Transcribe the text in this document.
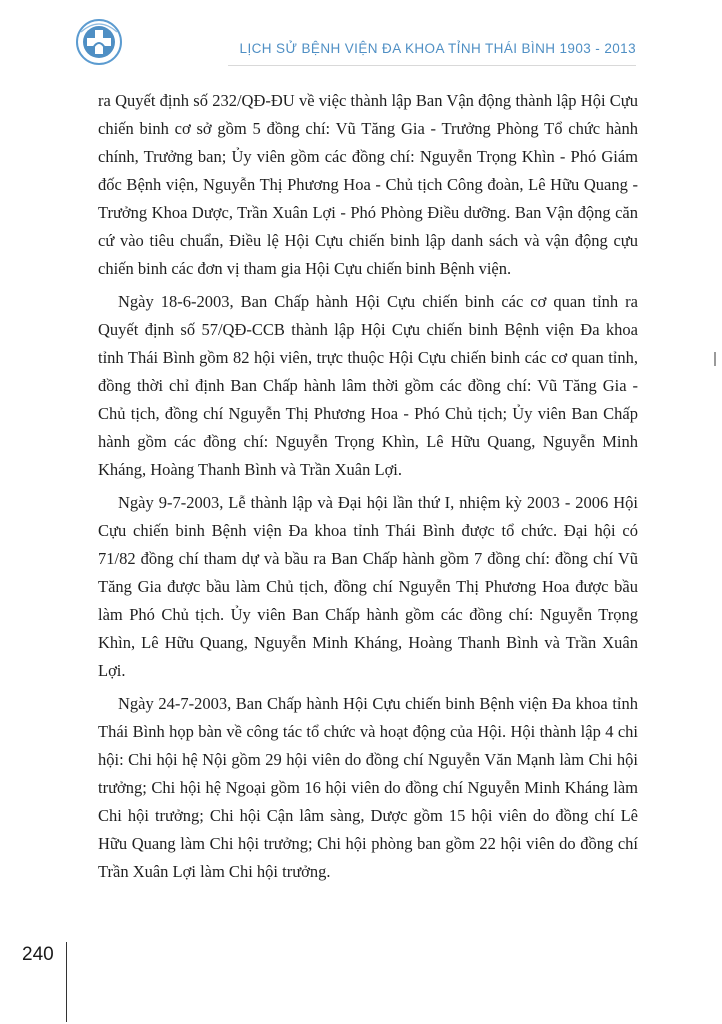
LỊCH SỬ BỆNH VIỆN ĐA KHOA TỈNH THÁI BÌNH 1903 - 2013

ra Quyết định số 232/QĐ-ĐU về việc thành lập Ban Vận động thành lập Hội Cựu chiến binh cơ sở gồm 5 đồng chí: Vũ Tăng Gia - Trưởng Phòng Tổ chức hành chính, Trưởng ban; Ủy viên gồm các đồng chí: Nguyễn Trọng Khìn - Phó Giám đốc Bệnh viện, Nguyễn Thị Phương Hoa - Chủ tịch Công đoàn, Lê Hữu Quang - Trưởng Khoa Dược, Trần Xuân Lợi - Phó Phòng Điều dưỡng. Ban Vận động căn cứ vào tiêu chuẩn, Điều lệ Hội Cựu chiến binh lập danh sách và vận động cựu chiến binh các đơn vị tham gia Hội Cựu chiến binh Bệnh viện.

Ngày 18-6-2003, Ban Chấp hành Hội Cựu chiến binh các cơ quan tỉnh ra Quyết định số 57/QĐ-CCB thành lập Hội Cựu chiến binh Bệnh viện Đa khoa tỉnh Thái Bình gồm 82 hội viên, trực thuộc Hội Cựu chiến binh các cơ quan tỉnh, đồng thời chỉ định Ban Chấp hành lâm thời gồm các đồng chí: Vũ Tăng Gia - Chủ tịch, đồng chí Nguyễn Thị Phương Hoa - Phó Chủ tịch; Ủy viên Ban Chấp hành gồm các đồng chí: Nguyễn Trọng Khìn, Lê Hữu Quang, Nguyễn Minh Kháng, Hoàng Thanh Bình và Trần Xuân Lợi.

Ngày 9-7-2003, Lễ thành lập và Đại hội lần thứ I, nhiệm kỳ 2003 - 2006 Hội Cựu chiến binh Bệnh viện Đa khoa tỉnh Thái Bình được tổ chức. Đại hội có 71/82 đồng chí tham dự và bầu ra Ban Chấp hành gồm 7 đồng chí: đồng chí Vũ Tăng Gia được bầu làm Chủ tịch, đồng chí Nguyễn Thị Phương Hoa được bầu làm Phó Chủ tịch. Ủy viên Ban Chấp hành gồm các đồng chí: Nguyễn Trọng Khìn, Lê Hữu Quang, Nguyễn Minh Kháng, Hoàng Thanh Bình và Trần Xuân Lợi.

Ngày 24-7-2003, Ban Chấp hành Hội Cựu chiến binh Bệnh viện Đa khoa tỉnh Thái Bình họp bàn về công tác tổ chức và hoạt động của Hội. Hội thành lập 4 chi hội: Chi hội hệ Nội gồm 29 hội viên do đồng chí Nguyễn Văn Mạnh làm Chi hội trưởng; Chi hội hệ Ngoại gồm 16 hội viên do đồng chí Nguyễn Minh Kháng làm Chi hội trưởng; Chi hội Cận lâm sàng, Dược gồm 15 hội viên do đồng chí Lê Hữu Quang làm Chi hội trưởng; Chi hội phòng ban gồm 22 hội viên do đồng chí Trần Xuân Lợi làm Chi hội trưởng.

240
